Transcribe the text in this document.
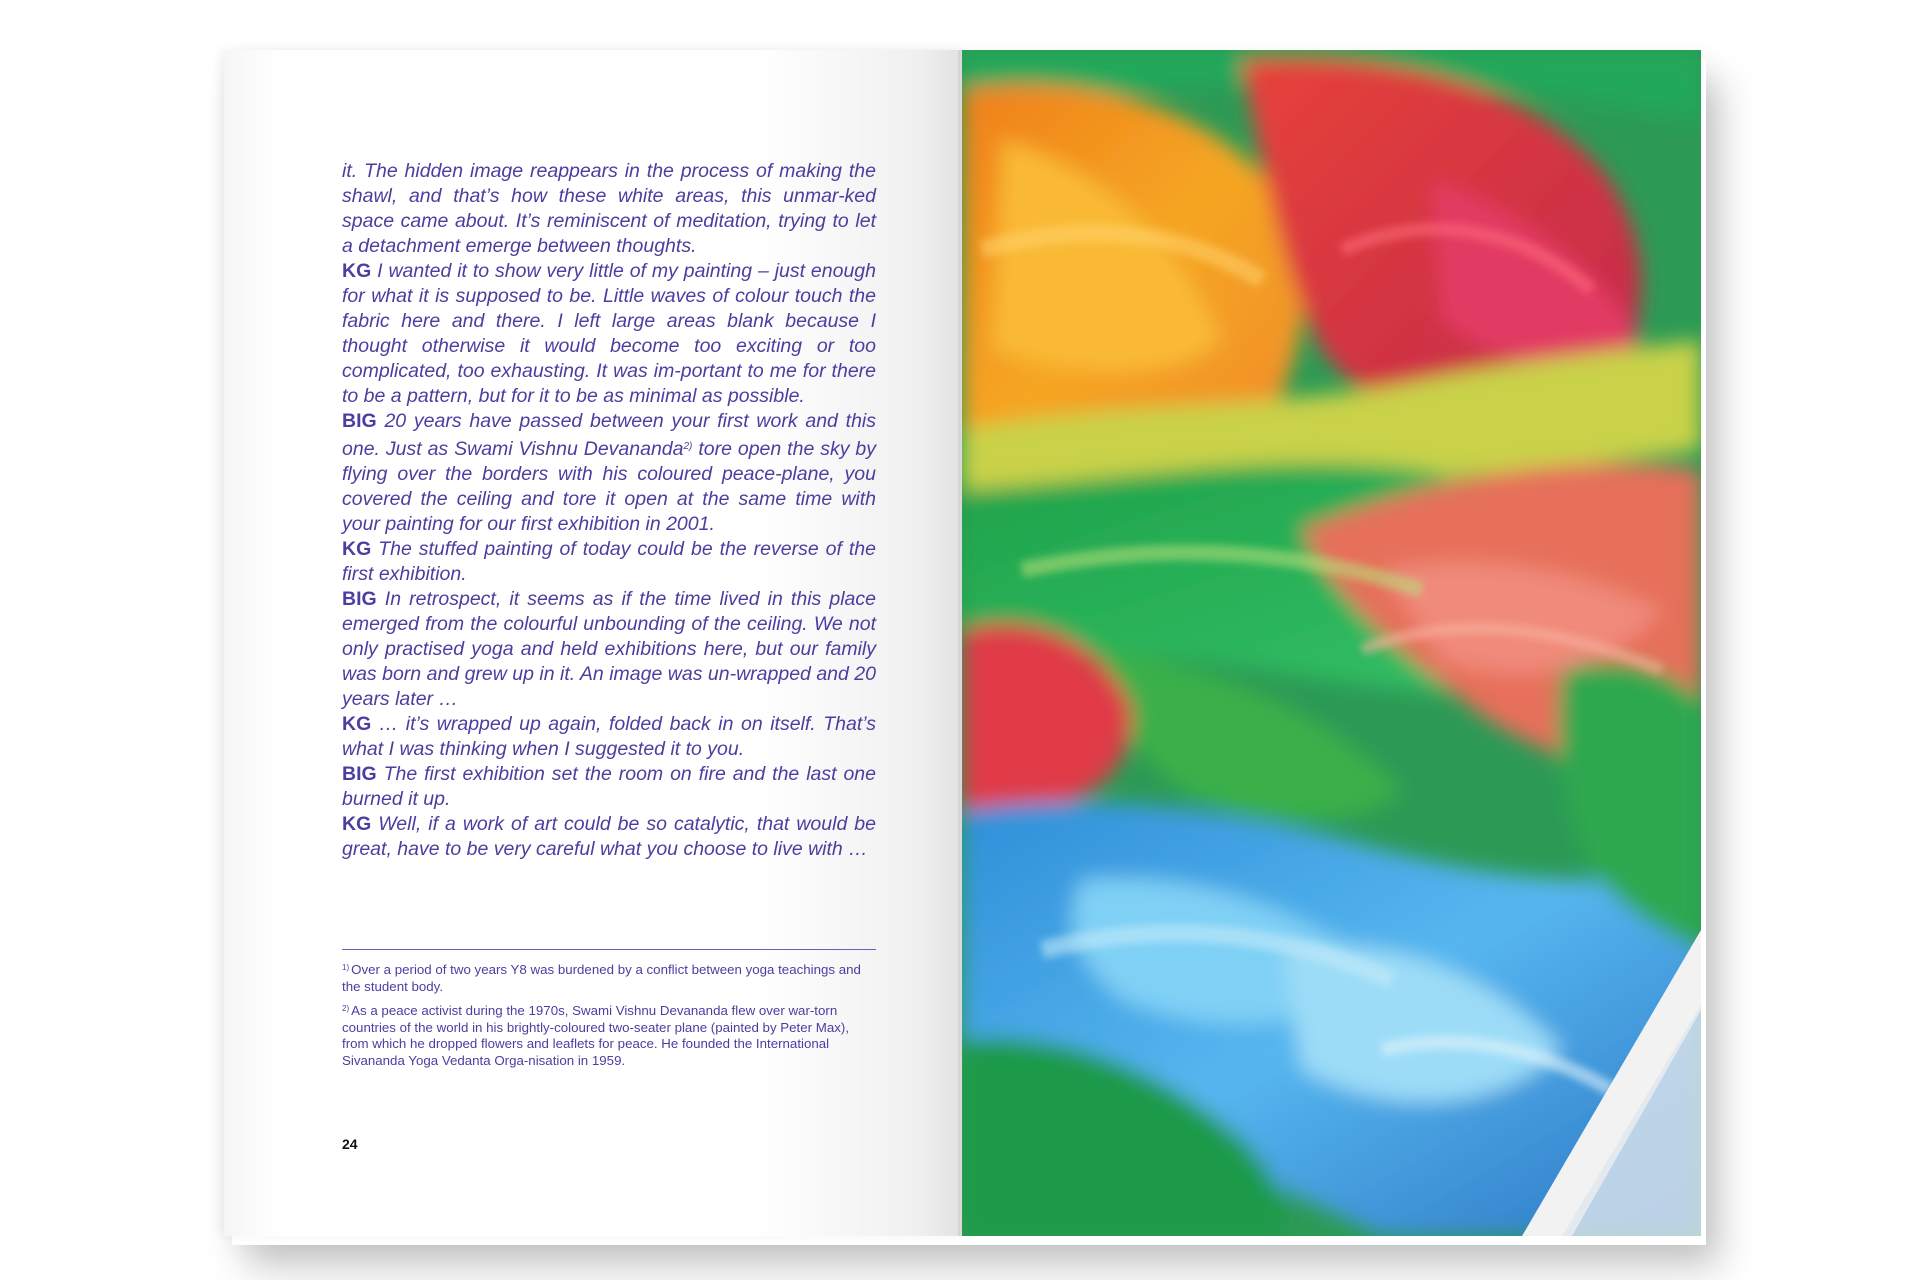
it. The hidden image reappears in the process of making the shawl, and that’s how these white areas, this unmar-ked space came about. It’s reminiscent of meditation, trying to let a detachment emerge between thoughts.

KG I wanted it to show very little of my painting – just enough for what it is supposed to be. Little waves of colour touch the fabric here and there. I left large areas blank because I thought otherwise it would become too exciting or too complicated, too exhausting. It was im-portant to me for there to be a pattern, but for it to be as minimal as possible.

BIG 20 years have passed between your first work and this one. Just as Swami Vishnu Devananda$^{2)}$ tore open the sky by flying over the borders with his coloured peace-plane, you covered the ceiling and tore it open at the same time with your painting for our first exhibition in 2001.

KG The stuffed painting of today could be the reverse of the first exhibition.

BIG In retrospect, it seems as if the time lived in this place emerged from the colourful unbounding of the ceiling. We not only practised yoga and held exhibitions here, but our family was born and grew up in it. An image was un-wrapped and 20 years later …

KG … it’s wrapped up again, folded back in on itself. That’s what I was thinking when I suggested it to you.

BIG The first exhibition set the room on fire and the last one burned it up.

KG Well, if a work of art could be so catalytic, that would be great, have to be very careful what you choose to live with …

$^{1)}$ Over a period of two years Y8 was burdened by a conflict between yoga teachings and the student body.

$^{2)}$ As a peace activist during the 1970s, Swami Vishnu Devananda flew over war-torn countries of the world in his brightly-coloured two-seater plane (painted by Peter Max), from which he dropped flowers and leaflets for peace. He founded the International Sivananda Yoga Vedanta Orga-nisation in 1959.

24
